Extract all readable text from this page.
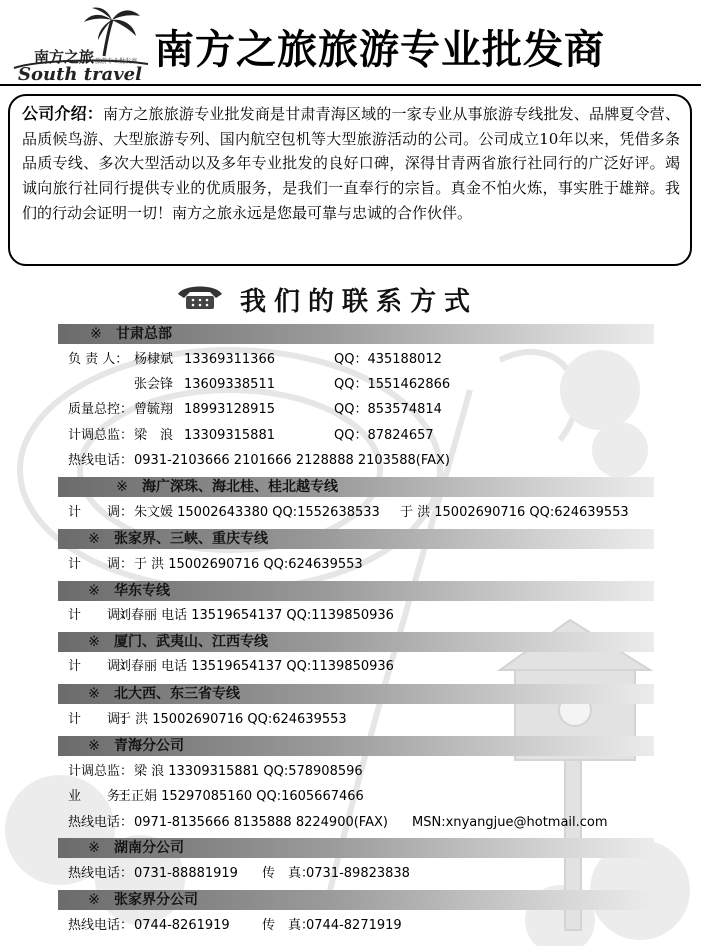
南方之旅 旅游专业批发商
South travel
南方之旅旅游专业批发商
公司介绍：南方之旅旅游专业批发商是甘肃青海区域的一家专业从事旅游专线批发、品牌夏令营、品质候鸟游、大型旅游专列、国内航空包机等大型旅游活动的公司。公司成立10年以来，凭借多条品质专线、多次大型活动以及多年专业批发的良好口碑，深得甘青两省旅行社同行的广泛好评。竭诚向旅行社同行提供专业的优质服务，是我们一直奉行的宗旨。真金不怕火炼，事实胜于雄辩。我们的行动会证明一切！南方之旅永远是您最可靠与忠诚的合作伙伴。
我们的联系方式
※ 甘肃总部
负 责 人： 杨棣斌 13369311366	QQ：435188012
张会锋 13609338511	QQ：1551462866
质量总控：曾毓翔 18993128915	QQ：853574814
计调总监：梁　浪 13309315881	QQ：87824657
热线电话：0931-2103666 2101666 2128888 2103588(FAX)
※ 海广深珠、海北桂、桂北越专线
计　　调：朱文媛 15002643380 QQ:1552638533 于 洪 15002690716 QQ:624639553
※ 张家界、三峡、重庆专线
计　　调：于 洪 15002690716 QQ:624639553
※ 华东专线
计　　调：刘春丽 电话 13519654137 QQ:1139850936
※ 厦门、武夷山、江西专线
计　　调：刘春丽 电话 13519654137 QQ:1139850936
※ 北大西、东三省专线
计　　调：于 洪 15002690716 QQ:624639553
※ 青海分公司
计调总监：梁 浪 13309315881 QQ:578908596
业　　务：王正娟 15297085160 QQ:1605667466
热线电话：0971-8135666 8135888 8224900(FAX) MSN:xnyangjue@hotmail.com
※ 湖南分公司
热线电话：0731-88881919 传　真：0731-89823838
※ 张家界分公司
热线电话：0744-8261919 传　真：0744-8271919
